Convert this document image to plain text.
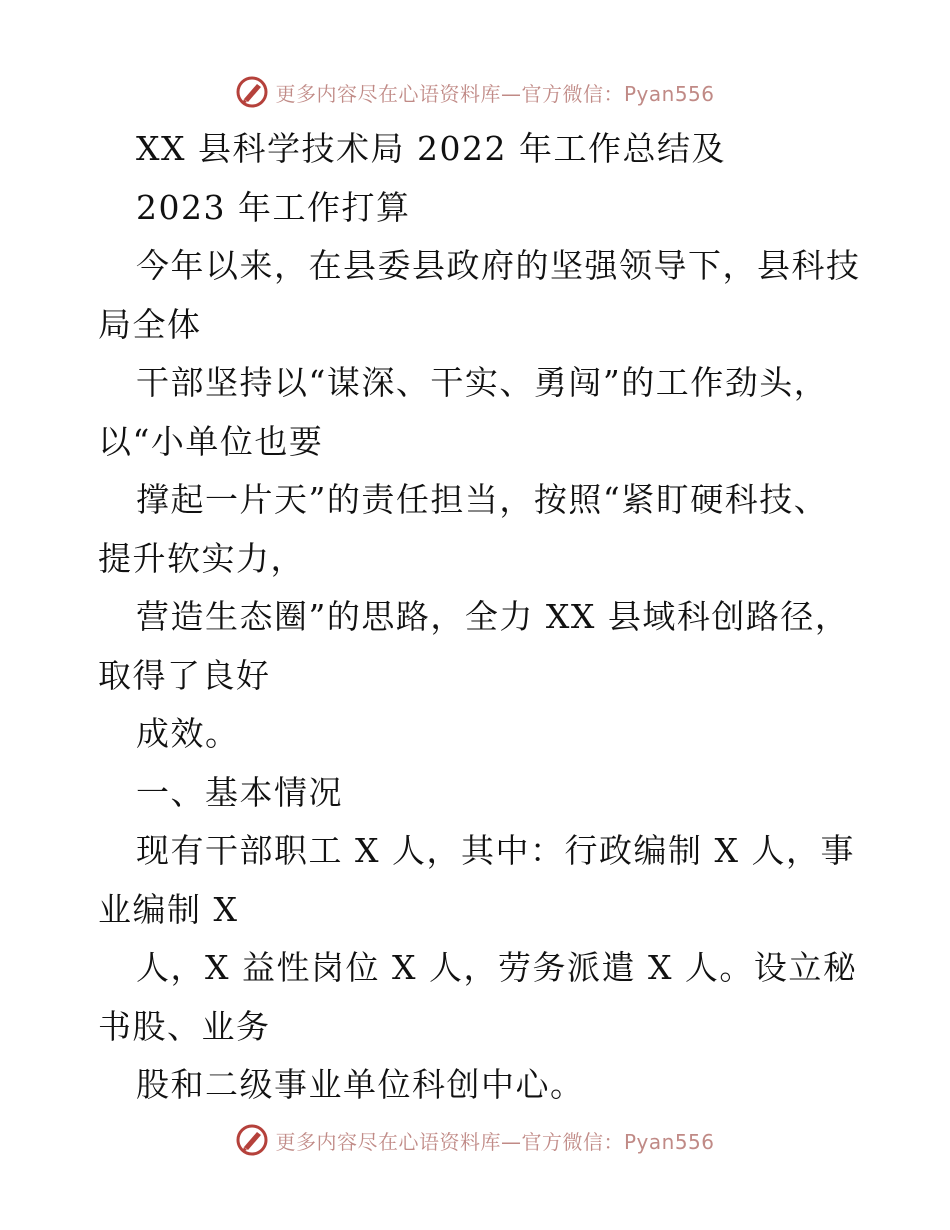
更多内容尽在心语资料库—官方微信：Pyan556
XX 县科学技术局 2022 年工作总结及
2023 年工作打算
今年以来，在县委县政府的坚强领导下，县科技
局全体
干部坚持以“谋深、干实、勇闯”的工作劲头，
以“小单位也要
撑起一片天”的责任担当，按照“紧盯硬科技、
提升软实力，
营造生态圈”的思路，全力 XX 县域科创路径，
取得了良好
成效。
一、基本情况
现有干部职工 X 人，其中：行政编制 X 人，事
业编制 X
人，X 益性岗位 X 人，劳务派遣 X 人。设立秘
书股、业务
股和二级事业单位科创中心。
更多内容尽在心语资料库—官方微信：Pyan556
